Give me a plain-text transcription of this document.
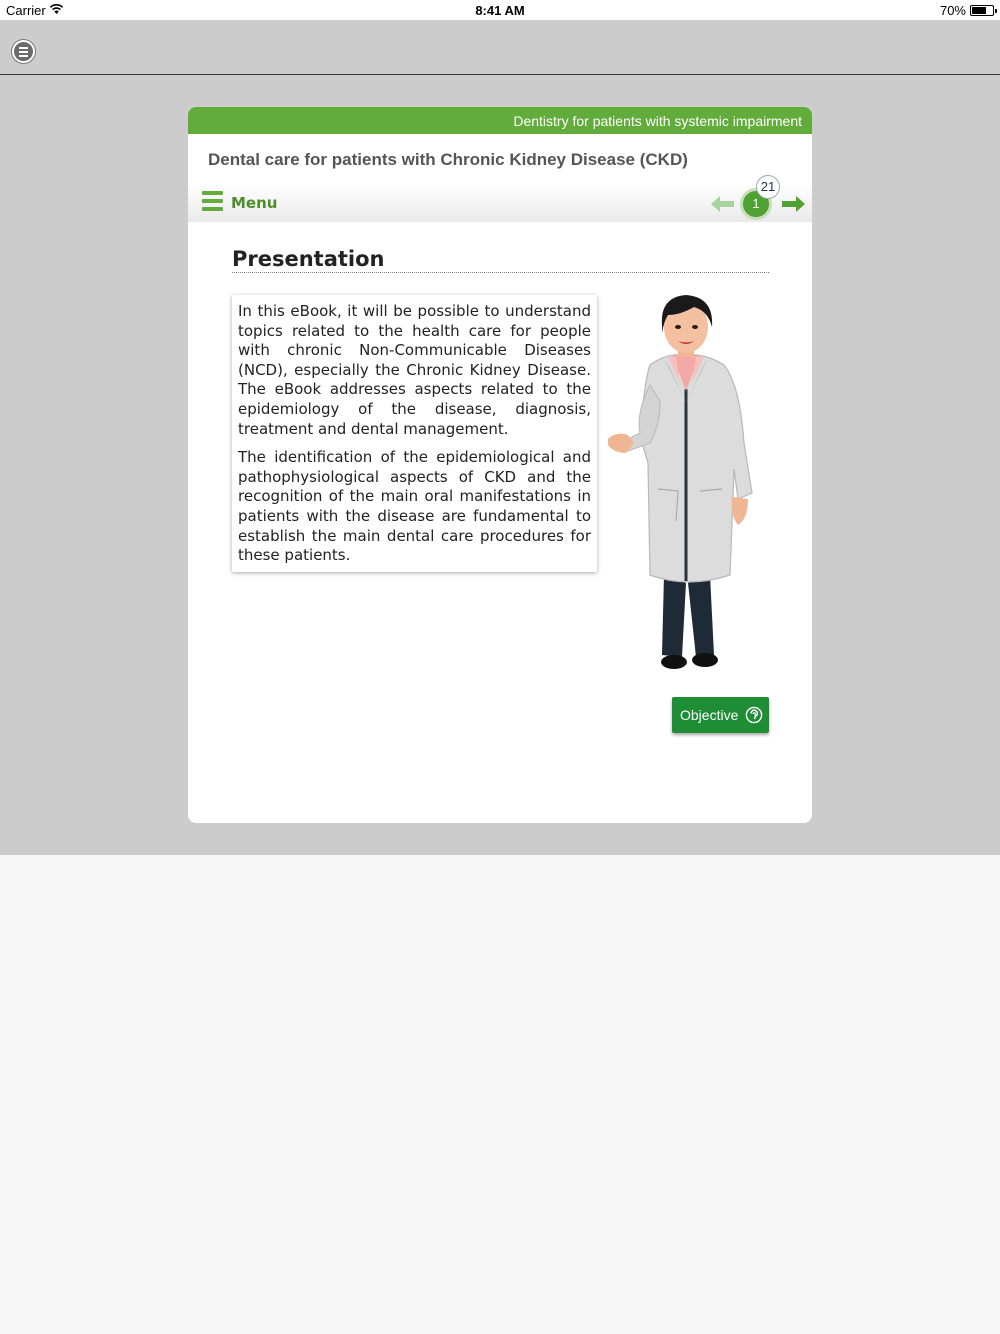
Carrier	8:41 AM	70%
Dentistry for patients with systemic impairment
Dental care for patients with Chronic Kidney Disease (CKD)
Menu	1
21
Presentation

In this eBook, it will be possible to understand topics related to the health care for people with chronic Non-Communicable Diseases (NCD), especially the Chronic Kidney Disease. The eBook addresses aspects related to the epidemiology of the disease, diagnosis, treatment and dental management.

The identification of the epidemiological and pathophysiological aspects of CKD and the recognition of the main oral manifestations in patients with the disease are fundamental to establish the main dental care procedures for these patients.

Objective
